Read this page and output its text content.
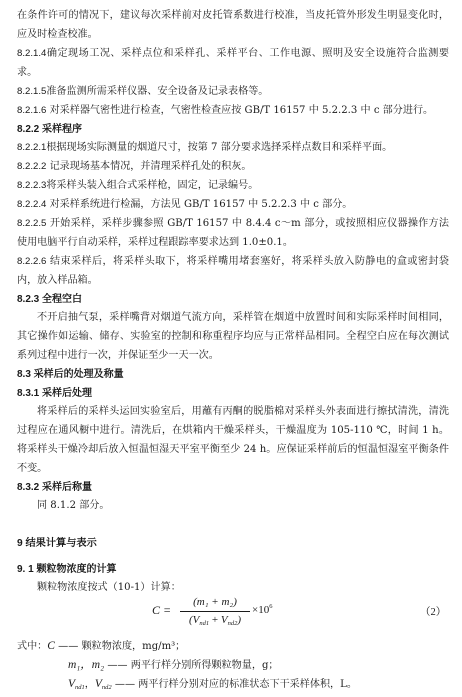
在条件许可的情况下，建议每次采样前对皮托管系数进行校准，当皮托管外形发生明显变化时，应及时检查校准。
8.2.1.4确定现场工况、采样点位和采样孔、采样平台、工作电源、照明及安全设施符合监测要求。
8.2.1.5准备监测所需采样仪器、安全设备及记录表格等。
8.2.1.6 对采样器气密性进行检查，气密性检查应按 GB/T 16157 中 5.2.2.3 中 c 部分进行。
8.2.2 采样程序
8.2.2.1根据现场实际测量的烟道尺寸，按第 7 部分要求选择采样点数目和采样平面。
8.2.2.2 记录现场基本情况，并清理采样孔处的积灰。
8.2.2.3将采样头装入组合式采样枪，固定，记录编号。
8.2.2.4 对采样系统进行检漏，方法见 GB/T 16157 中 5.2.2.3 中 c 部分。
8.2.2.5 开始采样，采样步骤参照 GB/T 16157 中 8.4.4 c～m 部分，或按照相应仪器操作方法使用电脑平行自动采样，采样过程跟踪率要求达到 1.0±0.1。
8.2.2.6 结束采样后，将采样头取下，将采样嘴用堵套塞好，将采样头放入防静电的盒或密封袋内，放入样品箱。
8.2.3 全程空白
不开启抽气泵，采样嘴背对烟道气流方向，采样管在烟道中放置时间和实际采样时间相同，其它操作如运输、储存、实验室的控制和称重程序均应与正常样品相同。全程空白应在每次测试系列过程中进行一次，并保证至少一天一次。
8.3 采样后的处理及称量
8.3.1 采样后处理
将采样后的采样头运回实验室后，用蘸有丙酮的脱脂棉对采样头外表面进行擦拭清洗，清洗过程应在通风橱中进行。清洗后，在烘箱内干燥采样头，干燥温度为 105-110 ℃，时间 1 h。将采样头干燥冷却后放入恒温恒湿天平室平衡至少 24 h。应保证采样前后的恒温恒湿室平衡条件不变。
8.3.2 采样后称量
同 8.1.2 部分。
9 结果计算与表示
9. 1 颗粒物浓度的计算
颗粒物浓度按式（10-1）计算：
C =
(m₁ + m₂)
$(V_{nd1} + V_{nd2})$
$\times 10^6$
（2）
式中：C —— 颗粒物浓度，mg/m³；
m₁，m₂ —— 两平行样分别所得颗粒物量，g；
$V_{nd1}$，$V_{nd2}$ —— 两平行样分别对应的标准状态下干采样体积，L。
